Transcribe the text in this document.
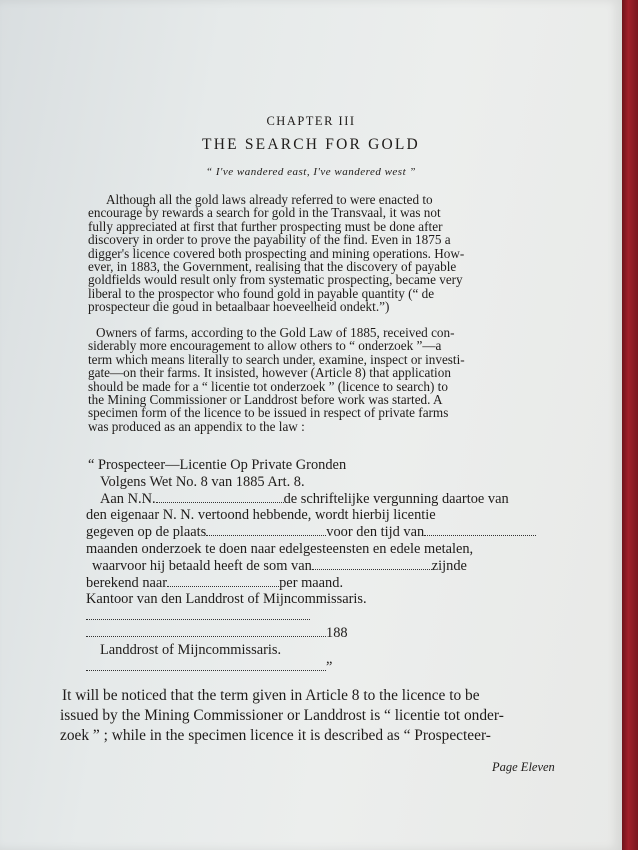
CHAPTER III
THE SEARCH FOR GOLD
“ I've wandered east, I've wandered west ”
Although all the gold laws already referred to were enacted to
encourage by rewards a search for gold in the Transvaal, it was not
fully appreciated at first that further prospecting must be done after
discovery in order to prove the payability of the find. Even in 1875 a
digger's licence covered both prospecting and mining operations. How-
ever, in 1883, the Government, realising that the discovery of payable
goldfields would result only from systematic prospecting, became very
liberal to the prospector who found gold in payable quantity (“ de
prospecteur die goud in betaalbaar hoeveelheid ondekt.”)
Owners of farms, according to the Gold Law of 1885, received con-
siderably more encouragement to allow others to “ onderzoek ”—a
term which means literally to search under, examine, inspect or investi-
gate—on their farms. It insisted, however (Article 8) that application
should be made for a “ licentie tot onderzoek ” (licence to search) to
the Mining Commissioner or Landdrost before work was started. A
specimen form of the licence to be issued in respect of private farms
was produced as an appendix to the law :
“ Prospecteer—Licentie Op Private Gronden
Volgens Wet No. 8 van 1885 Art. 8.
Aan N.N.	de schriftelijke vergunning daartoe van
den eigenaar N. N. vertoond hebbende, wordt hierbij licentie
gegeven op de plaats	voor den tijd van
maanden onderzoek te doen naar edelgesteensten en edele metalen,
waarvoor hij betaald heeft de som van	zijnde
berekend naar	per maand.
Kantoor van den Landdrost of Mijncommissaris.
188
Landdrost of Mijncommissaris.
”
It will be noticed that the term given in Article 8 to the licence to be
issued by the Mining Commissioner or Landdrost is “ licentie tot onder-
zoek ” ; while in the specimen licence it is described as “ Prospecteer-
Page Eleven
